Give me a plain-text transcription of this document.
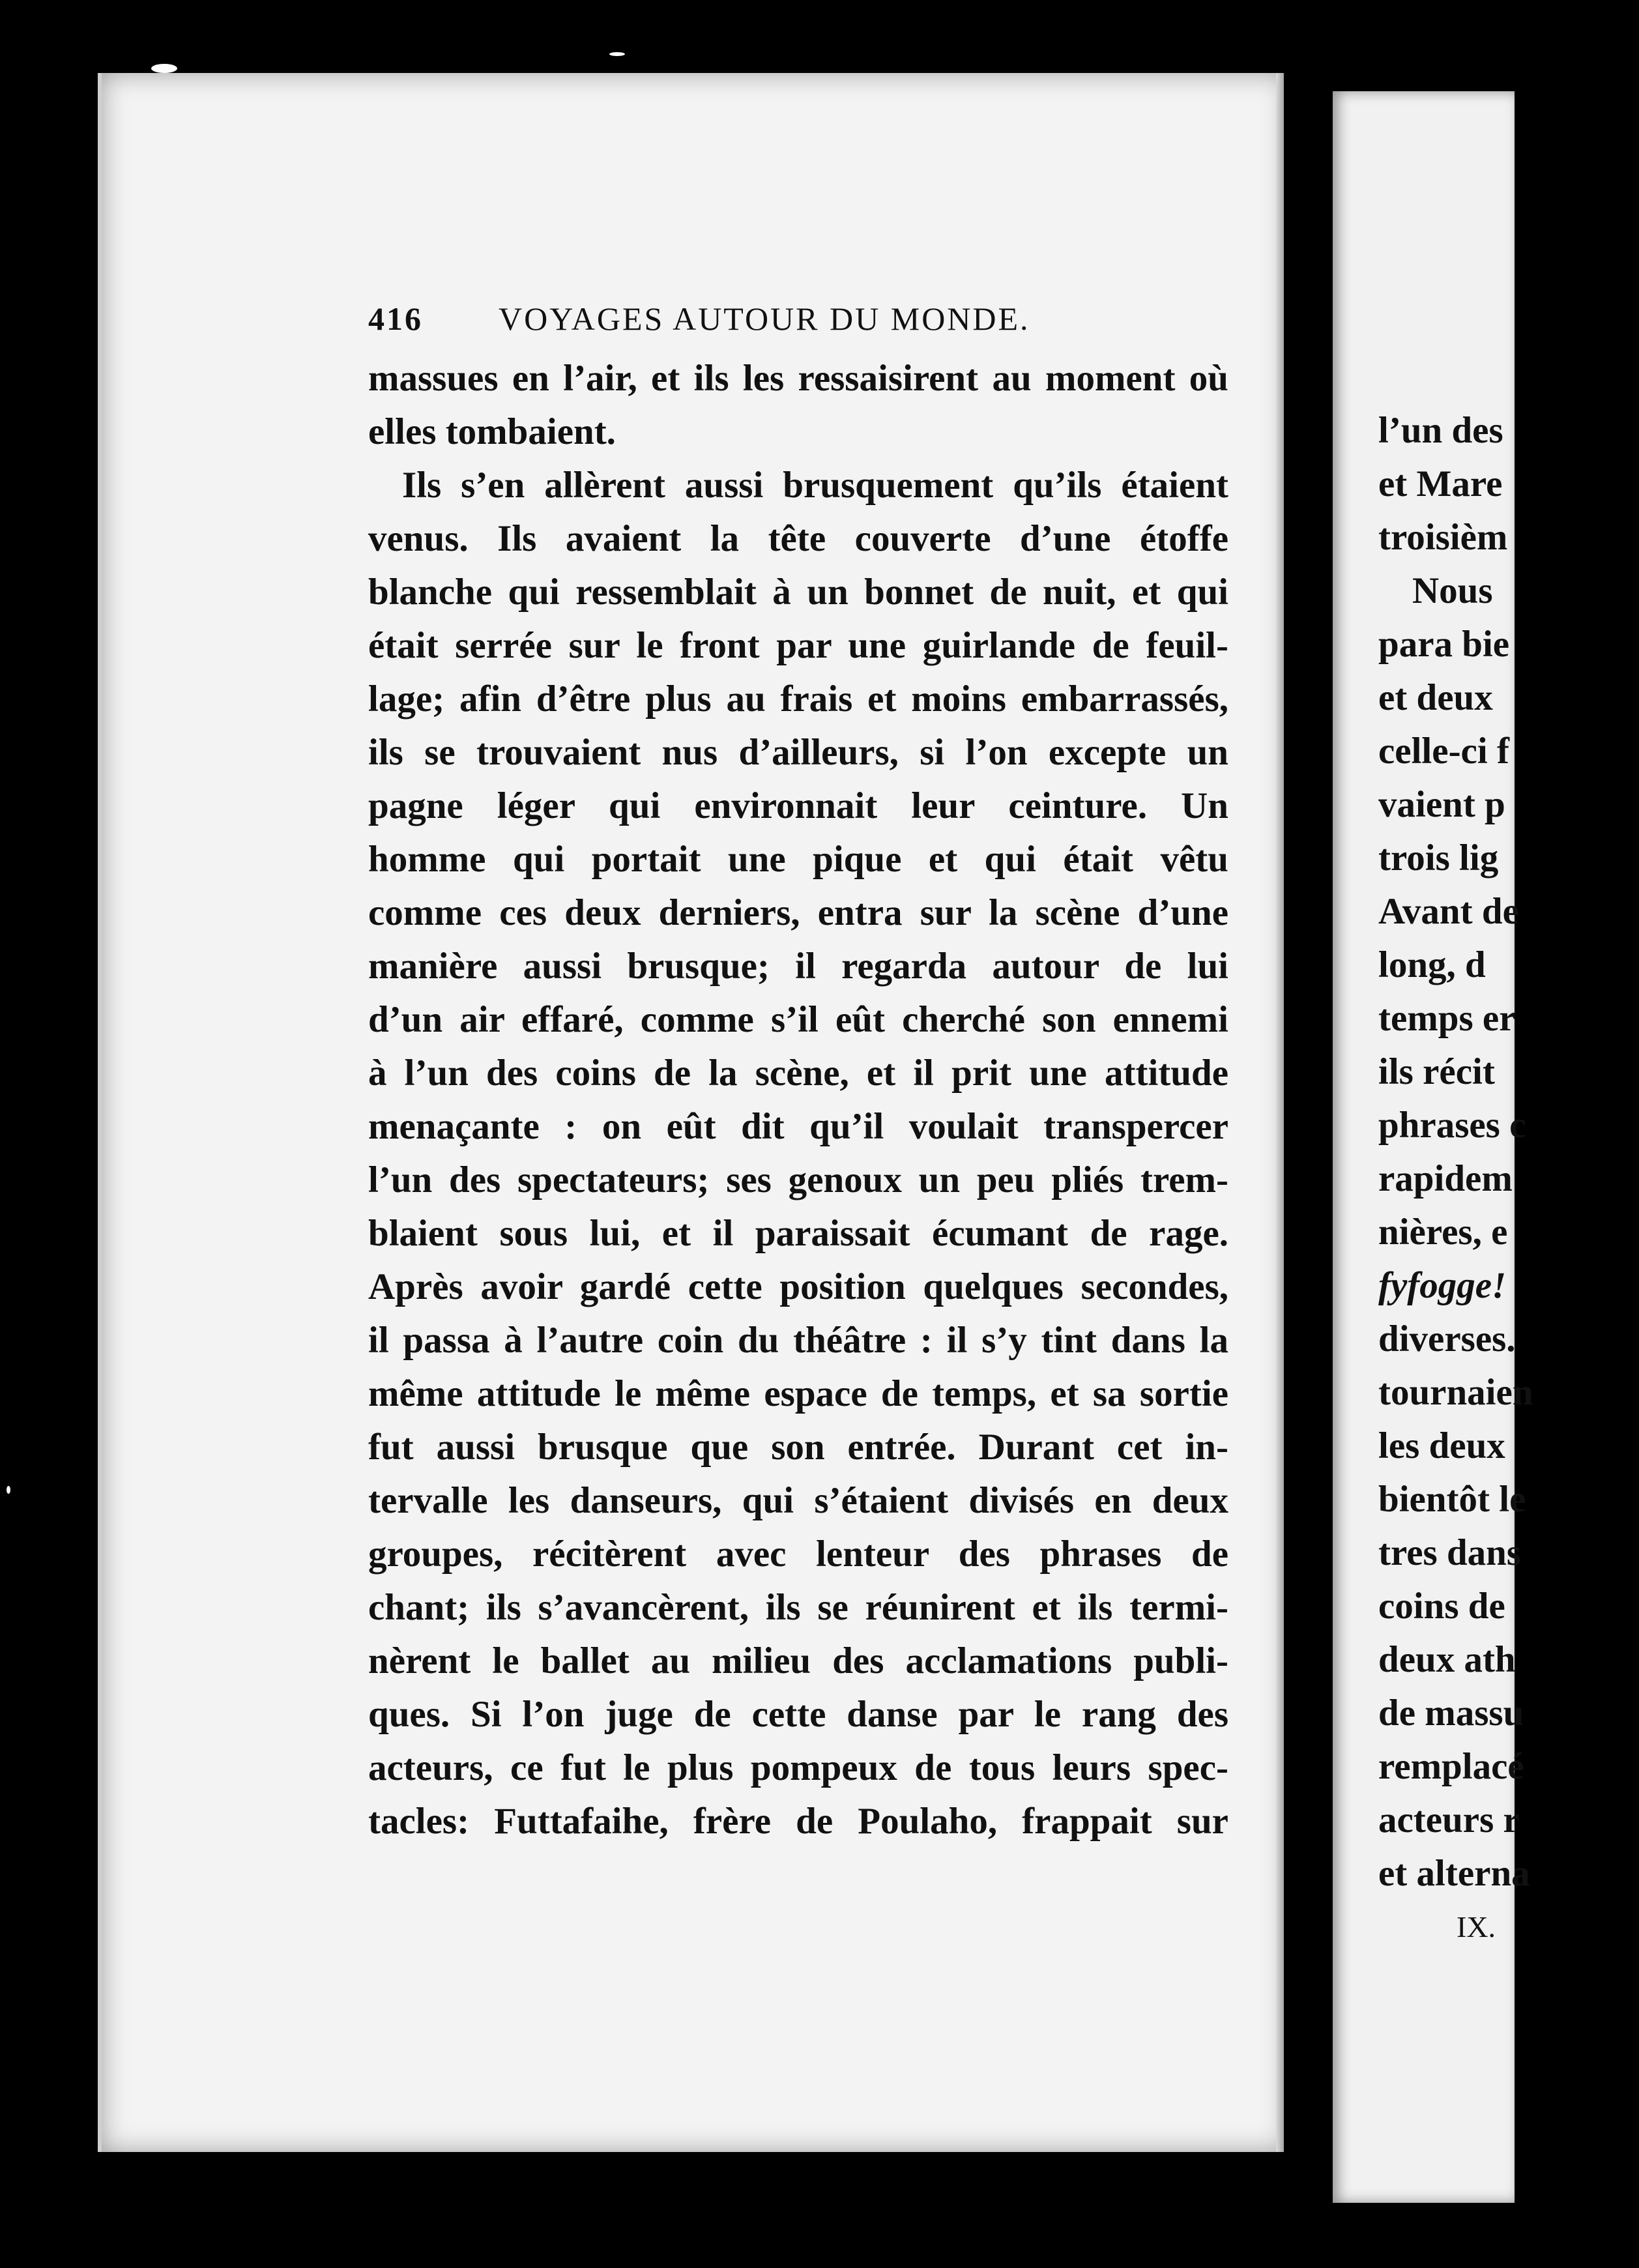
l’un des
et Mare
troisièm
Nous
para bie
et deux
celle-ci f
vaient p
trois lig
Avant de
long, d
temps er
ils récit
phrases c
rapidem
nières, e
fyfogge!
diverses.
tournaien
les deux
bientôt le
tres dans
coins de
deux ath
de massu
remplacé
acteurs r
et alterna
IX.
416	VOYAGES AUTOUR DU MONDE.
massues en l’air, et ils les ressaisirent au moment où
elles tombaient.
Ils s’en allèrent aussi brusquement qu’ils étaient
venus. Ils avaient la tête couverte d’une étoffe
blanche qui ressemblait à un bonnet de nuit, et qui
était serrée sur le front par une guirlande de feuil-
lage; afin d’être plus au frais et moins embarrassés,
ils se trouvaient nus d’ailleurs, si l’on excepte un
pagne léger qui environnait leur ceinture. Un
homme qui portait une pique et qui était vêtu
comme ces deux derniers, entra sur la scène d’une
manière aussi brusque; il regarda autour de lui
d’un air effaré, comme s’il eût cherché son ennemi
à l’un des coins de la scène, et il prit une attitude
menaçante : on eût dit qu’il voulait transpercer
l’un des spectateurs; ses genoux un peu pliés trem-
blaient sous lui, et il paraissait écumant de rage.
Après avoir gardé cette position quelques secondes,
il passa à l’autre coin du théâtre : il s’y tint dans la
même attitude le même espace de temps, et sa sortie
fut aussi brusque que son entrée. Durant cet in-
tervalle les danseurs, qui s’étaient divisés en deux
groupes, récitèrent avec lenteur des phrases de
chant; ils s’avancèrent, ils se réunirent et ils termi-
nèrent le ballet au milieu des acclamations publi-
ques. Si l’on juge de cette danse par le rang des
acteurs, ce fut le plus pompeux de tous leurs spec-
tacles: Futtafaihe, frère de Poulaho, frappait sur
